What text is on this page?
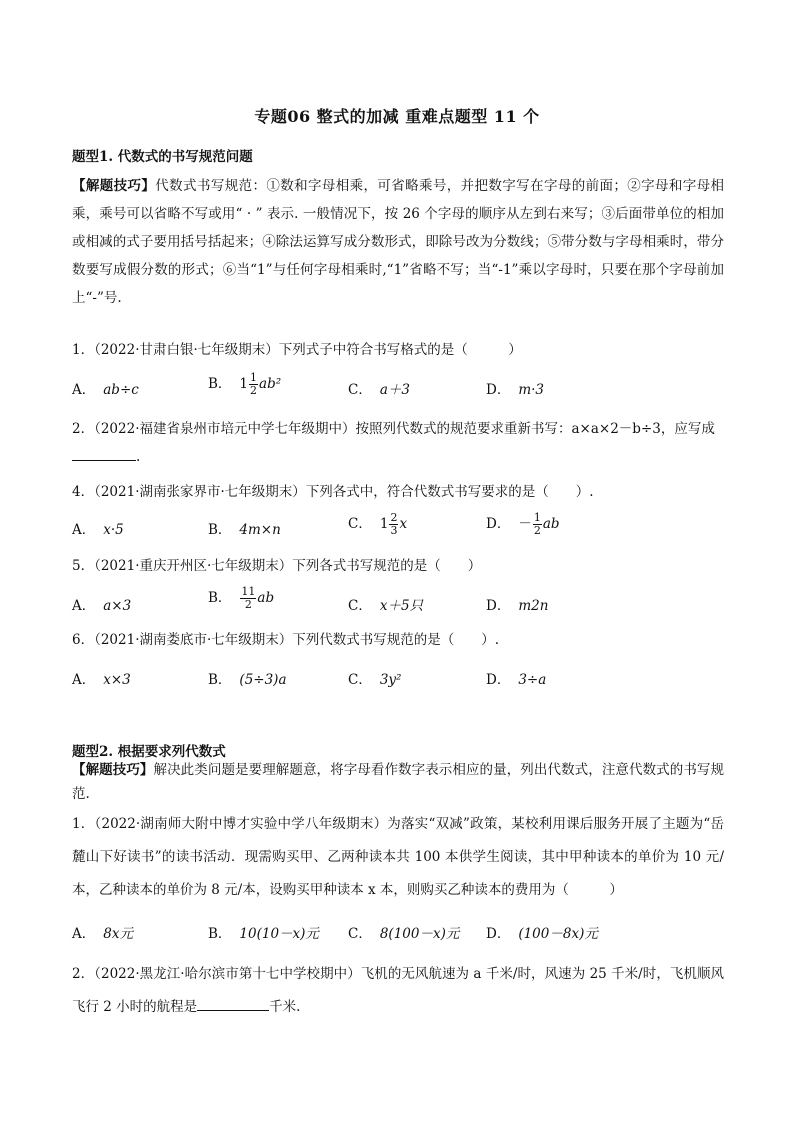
专题06 整式的加减 重难点题型 11 个
题型1. 代数式的书写规范问题
【解题技巧】代数式书写规范：①数和字母相乘，可省略乘号，并把数字写在字母的前面；②字母和字母相乘，乘号可以省略不写或用“ · ” 表示. 一般情况下，按 26 个字母的顺序从左到右来写；③后面带单位的相加或相减的式子要用括号括起来；④除法运算写成分数形式，即除号改为分数线；⑤带分数与字母相乘时，带分数要写成假分数的形式；⑥当“1”与任何字母相乘时,“1”省略不写；当“-1”乘以字母时，只要在那个字母前加上“-”号.
1．（2022·甘肃白银·七年级期末）下列式子中符合书写格式的是（　　　）
A． ab÷c	B． $1 \frac{1}{2} ab^2$	C． a＋3	D． m·3
2．（2022·福建省泉州市培元中学七年级期中）按照列代数式的规范要求重新书写：a×a×2－b÷3，应写成
.
4．（2021·湖南张家界市·七年级期末）下列各式中，符合代数式书写要求的是（　　）.
A． x·5	B． 4m×n	C． $1 \frac{2}{3}$ x	D． － $\frac{1}{2}$ ab
5．（2021·重庆开州区·七年级期末）下列各式书写规范的是（　　）
A． a×3	B． $\frac{11}{2}$ ab	C． x＋5只	D． m2n
6．（2021·湖南娄底市·七年级期末）下列代数式书写规范的是（　　）.
A． x×3	B． (5÷3)a	C． 3y²	D． 3÷a
题型2. 根据要求列代数式
【解题技巧】解决此类问题是要理解题意，将字母看作数字表示相应的量，列出代数式，注意代数式的书写规范.
1．（2022·湖南师大附中博才实验中学八年级期末）为落实“双减”政策，某校利用课后服务开展了主题为“岳麓山下好读书”的读书活动．现需购买甲、乙两种读本共 100 本供学生阅读，其中甲种读本的单价为 10 元/本，乙种读本的单价为 8 元/本，设购买甲种读本 x 本，则购买乙种读本的费用为（　　　）
A． 8x元	B． 10(10－x)元 C． 8(100－x)元 D． (100－8x)元
2．（2022·黑龙江·哈尔滨市第十七中学校期中）飞机的无风航速为 a 千米/时，风速为 25 千米/时，飞机顺风飞行 2 小时的航程是	千米.
